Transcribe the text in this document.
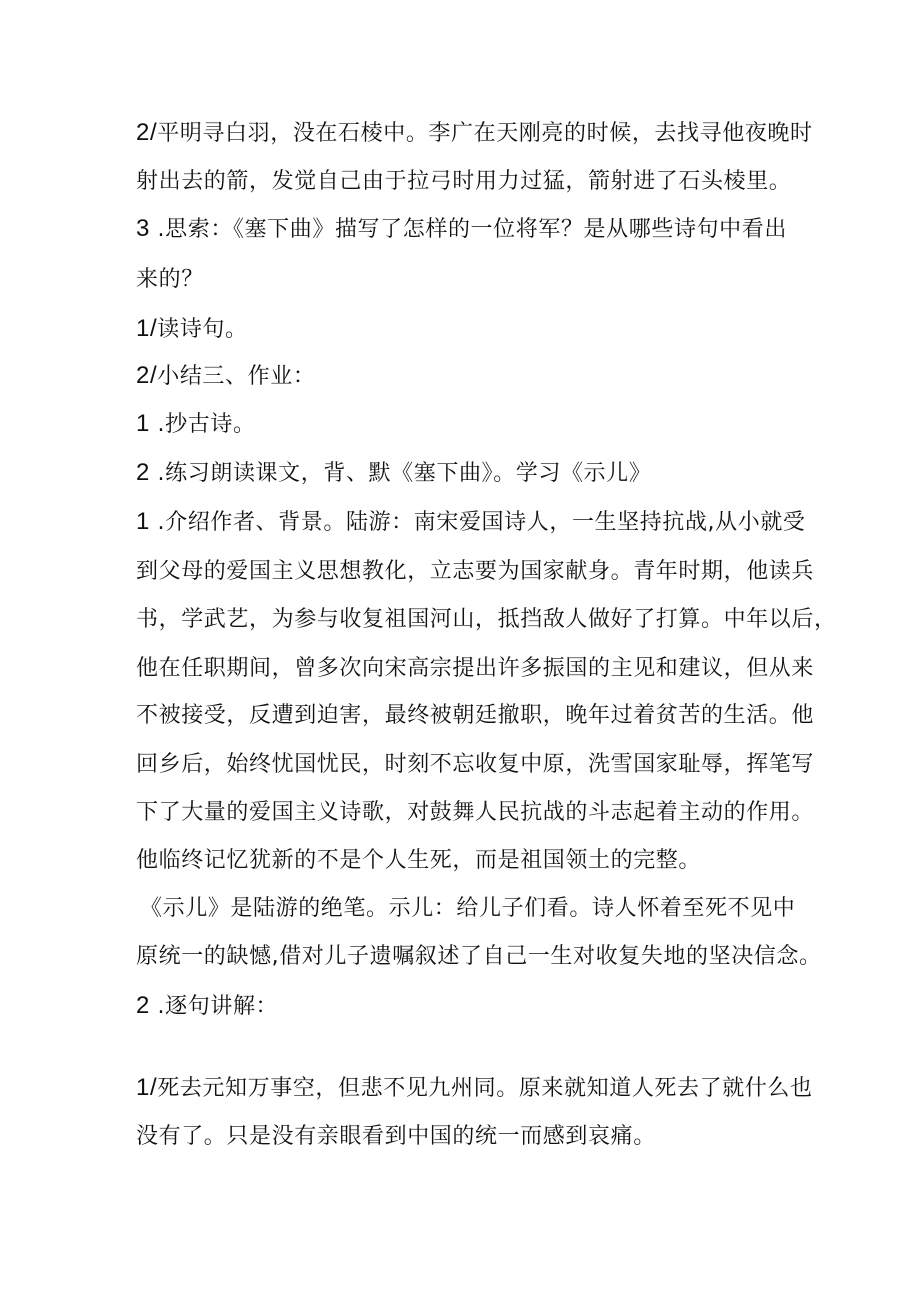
2/平明寻白羽，没在石棱中。李广在天刚亮的时候，去找寻他夜晚时
射出去的箭，发觉自己由于拉弓时用力过猛，箭射进了石头棱里。
3 .思索：《塞下曲》描写了怎样的一位将军？是从哪些诗句中看出
来的？
1/读诗句。
2/小结三、作业：
1 .抄古诗。
2 .练习朗读课文，背、默《塞下曲》。学习《示儿》
1 .介绍作者、背景。陆游：南宋爱国诗人，一生坚持抗战,从小就受
到父母的爱国主义思想教化，立志要为国家献身。青年时期，他读兵
书，学武艺，为参与收复祖国河山，抵挡敌人做好了打算。中年以后，
他在任职期间，曾多次向宋高宗提出许多振国的主见和建议，但从来
不被接受，反遭到迫害，最终被朝廷撤职，晚年过着贫苦的生活。他
回乡后，始终忧国忧民，时刻不忘收复中原，洗雪国家耻辱，挥笔写
下了大量的爱国主义诗歌，对鼓舞人民抗战的斗志起着主动的作用。
他临终记忆犹新的不是个人生死，而是祖国领土的完整。
《示儿》是陆游的绝笔。示儿：给儿子们看。诗人怀着至死不见中
原统一的缺憾,借对儿子遗嘱叙述了自己一生对收复失地的坚决信念。
2 .逐句讲解：
1/死去元知万事空，但悲不见九州同。原来就知道人死去了就什么也
没有了。只是没有亲眼看到中国的统一而感到哀痛。
